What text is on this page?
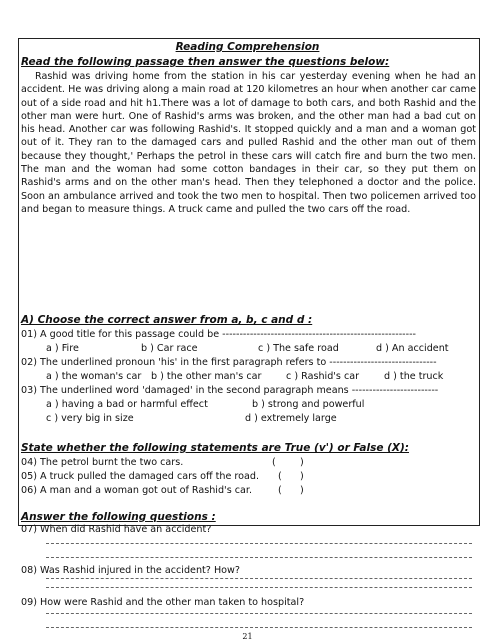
Reading Comprehension
Read the following passage then answer the questions below:

Rashid was driving home from the station in his car yesterday evening when he had an accident. He was driving along a main road at 120 kilometres an hour when another car came out of a side road and hit h1.There was a lot of damage to both cars, and both Rashid and the other man were hurt. One of Rashid's arms was broken, and the other man had a bad cut on his head. Another car was following Rashid's. It stopped quickly and a man and a woman got out of it. They ran to the damaged cars and pulled Rashid and the other man out of them because they thought,' Perhaps the petrol in these cars will catch fire and burn the two men. The man and the woman had some cotton bandages in their car, so they put them on Rashid's arms and on the other man's head. Then they telephoned a doctor and the police. Soon an ambulance arrived and took the two men to hospital. Then two policemen arrived too and began to measure things. A truck came and pulled the two cars off the road.

A) Choose the correct answer from a, b, c and d :
01) A good title for this passage could be --------------------------------------------------------
a ) Fire	b ) Car race	c ) The safe road	d ) An accident
02) The underlined pronoun 'his' in the first paragraph refers to -------------------------------
a ) the woman's car b ) the other man's car	c ) Rashid's car	d ) the truck
03) The underlined word 'damaged' in the second paragraph means -------------------------
a ) having a bad or harmful effect	b ) strong and powerful
c ) very big in size	d ) extremely large
State whether the following statements are True (v') or False (X):
04) The petrol burnt the two cars.	(	)
05) A truck pulled the damaged cars off the road. ( )
06) A man and a woman got out of Rashid's car.	( )
Answer the following questions :
07) When did Rashid have an accident?
08) Was Rashid injured in the accident? How?
09) How were Rashid and the other man taken to hospital?
21
